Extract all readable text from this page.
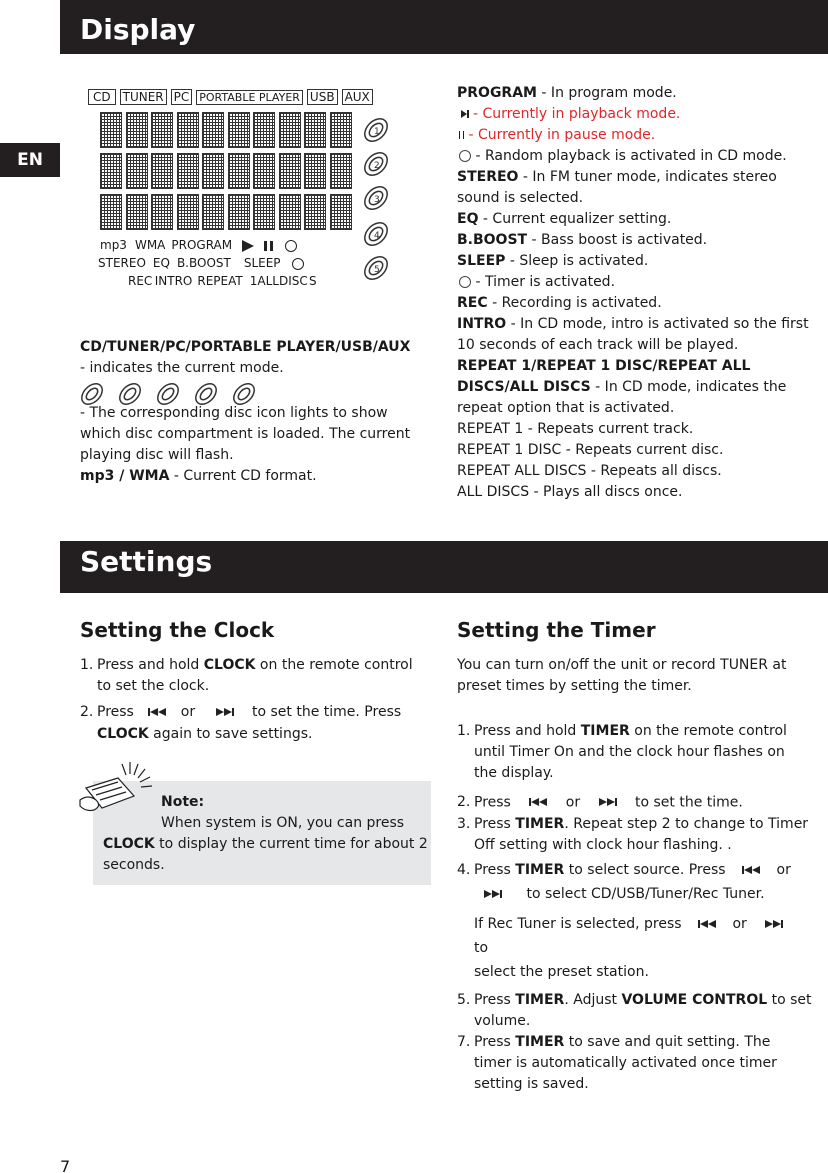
Display
EN
CD TUNER PC PORTABLE PLAYER USB AUX
1
2
3
4
5
mp3 WMA PROGRAM
STEREO EQ B.BOOST SLEEP
REC  INTRO REPEAT 1ALLDISC S

CD/TUNER/PC/PORTABLE PLAYER/USB/AUX - indicates the current mode.

- The corresponding disc icon lights to show which disc compartment is loaded. The current playing disc will flash.

mp3 / WMA - Current CD format.

PROGRAM - In program mode.

- Currently in playback mode.

- Currently in pause mode.

- Random playback is activated in CD mode.

STEREO - In FM tuner mode, indicates stereo sound is selected.

EQ - Current equalizer setting.

B.BOOST - Bass boost is activated.

SLEEP - Sleep is activated.

- Timer is activated.

REC - Recording is activated.

INTRO - In CD mode, intro is activated so the first 10 seconds of each track will be played.

REPEAT 1/REPEAT 1 DISC/REPEAT ALL DISCS/ALL DISCS - In CD mode, indicates the repeat option that is activated.

REPEAT 1 - Repeats current track.

REPEAT 1 DISC - Repeats current disc.

REPEAT ALL DISCS - Repeats all discs.

ALL DISCS - Plays all discs once.

Settings
Setting the Clock
1. Press and hold CLOCK on the remote control to set the clock.
2. Press	or	to set the time. Press
CLOCK again to save settings.

Note:

When system is ON, you can press

CLOCK to display the current time for about 2 seconds.

Setting the Timer

You can turn on/off the unit or record TUNER at preset times by setting the timer.

1. Press and hold TIMER on the remote control until Timer On and the clock hour flashes on the display.
2. Press	or	to set the time.
3. Press TIMER. Repeat step 2 to change to Timer Off setting with clock hour flashing. .
4. Press TIMER to select source. Press	or
to select CD/USB/Tuner/Rec Tuner.
If Rec Tuner is selected, press	or  to
select the preset station.
5. Press TIMER. Adjust VOLUME CONTROL to set volume.
7. Press TIMER to save and quit setting. The timer is automatically activated once timer
setting is saved.
7
